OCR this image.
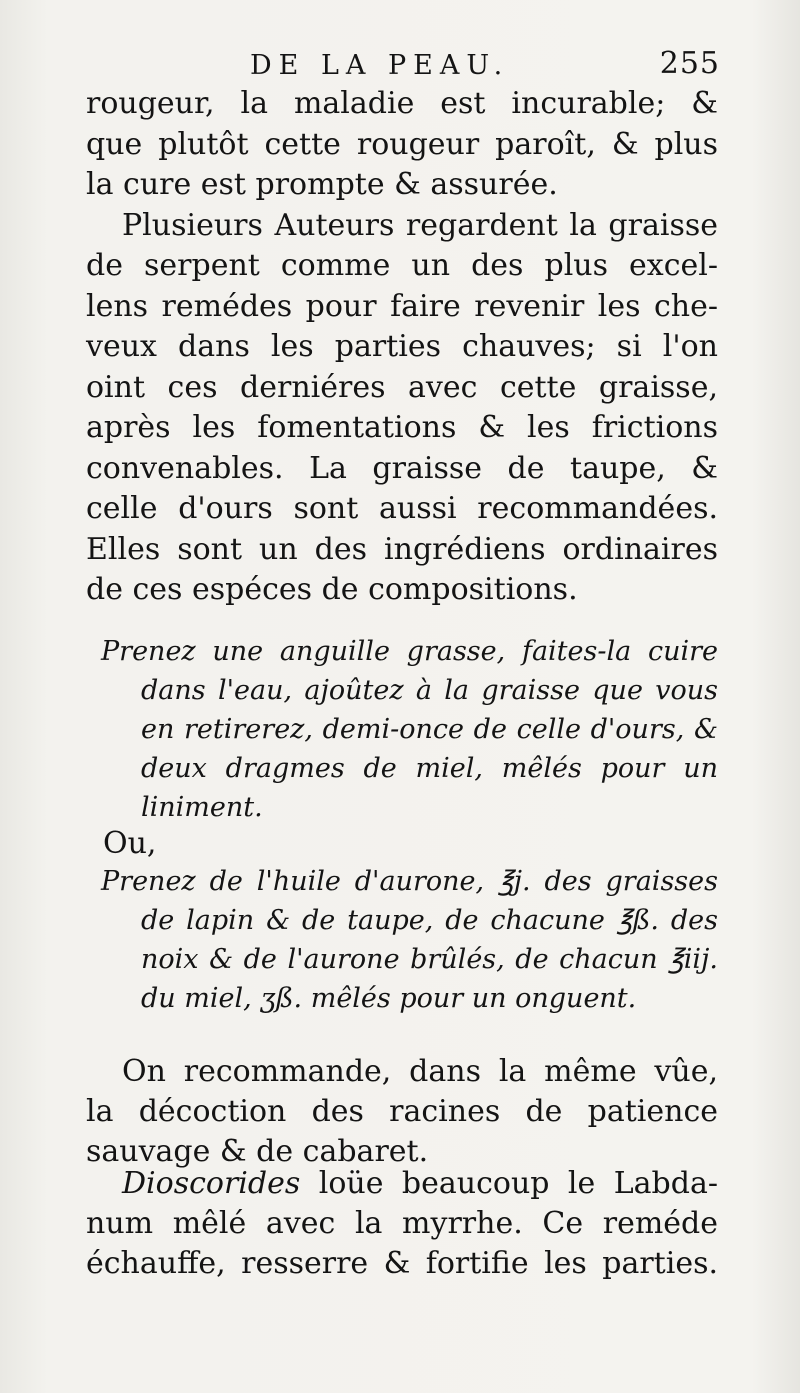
DE LA PEAU.	255
rougeur, la maladie est incurable; &
que plutôt cette rougeur paroît, & plus
la cure est prompte & assurée.
Plusieurs Auteurs regardent la graisse
de serpent comme un des plus excel-
lens remédes pour faire revenir les che-
veux dans les parties chauves; si l'on
oint ces derniéres avec cette graisse,
après les fomentations & les frictions
convenables. La graisse de taupe, &
celle d'ours sont aussi recommandées.
Elles sont un des ingrédiens ordinaires
de ces espéces de compositions.
Prenez une anguille grasse, faites-la cuire
dans l'eau, ajoûtez à la graisse que vous
en retirerez, demi-once de celle d'ours, &
deux dragmes de miel, mêlés pour un
liniment.
Ou,
Prenez de l'huile d'aurone, ℥j. des graisses
de lapin & de taupe, de chacune ℥ß. des
noix & de l'aurone brûlés, de chacun ℥iij.
du miel, ʒß. mêlés pour un onguent.
On recommande, dans la même vûe,
la décoction des racines de patience
sauvage & de cabaret.
Dioscorides loüe beaucoup le Labda-
num mêlé avec la myrrhe. Ce reméde
échauffe, resserre & fortifie les parties.
